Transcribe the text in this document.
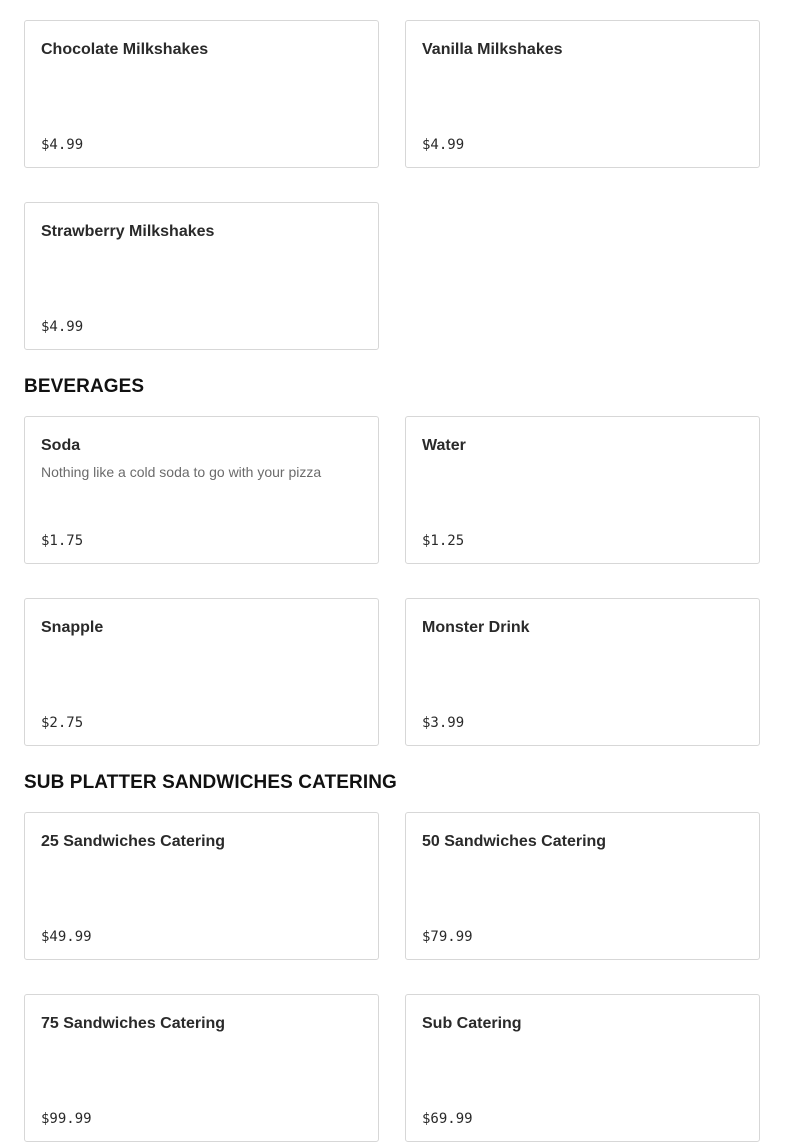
Chocolate Milkshakes
$4.99
Vanilla Milkshakes
$4.99
Strawberry Milkshakes
$4.99
BEVERAGES
Soda
Nothing like a cold soda to go with your pizza
$1.75
Water
$1.25
Snapple
$2.75
Monster Drink
$3.99
SUB PLATTER SANDWICHES CATERING
25 Sandwiches Catering
$49.99
50 Sandwiches Catering
$79.99
75 Sandwiches Catering
$99.99
Sub Catering
$69.99
